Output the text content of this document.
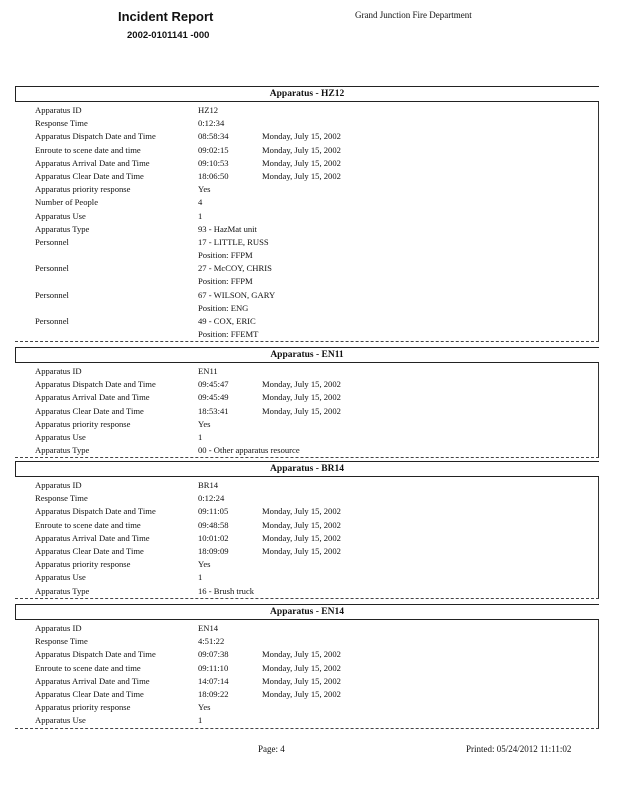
Incident Report
2002-0101141 -000
Grand Junction Fire Department
Apparatus - HZ12
Apparatus ID	HZ12
Response Time	0:12:34
Apparatus Dispatch Date and Time	08:58:34	Monday, July 15, 2002
Enroute to scene date and time	09:02:15	Monday, July 15, 2002
Apparatus Arrival Date and Time	09:10:53	Monday, July 15, 2002
Apparatus Clear Date and Time	18:06:50	Monday, July 15, 2002
Apparatus priority response	Yes
Number of People	4
Apparatus Use	1
Apparatus Type	93 - HazMat unit
Personnel	17 - LITTLE, RUSS
Position: FFPM
Personnel	27 - McCOY, CHRIS
Position: FFPM
Personnel	67 - WILSON, GARY
Position: ENG
Personnel	49 - COX, ERIC
Position: FFEMT
Apparatus - EN11
Apparatus ID	EN11
Apparatus Dispatch Date and Time	09:45:47	Monday, July 15, 2002
Apparatus Arrival Date and Time	09:45:49	Monday, July 15, 2002
Apparatus Clear Date and Time	18:53:41	Monday, July 15, 2002
Apparatus priority response	Yes
Apparatus Use	1
Apparatus Type	00 - Other apparatus resource
Apparatus - BR14
Apparatus ID	BR14
Response Time	0:12:24
Apparatus Dispatch Date and Time	09:11:05	Monday, July 15, 2002
Enroute to scene date and time	09:48:58	Monday, July 15, 2002
Apparatus Arrival Date and Time	10:01:02	Monday, July 15, 2002
Apparatus Clear Date and Time	18:09:09	Monday, July 15, 2002
Apparatus priority response	Yes
Apparatus Use	1
Apparatus Type	16 - Brush truck
Apparatus - EN14
Apparatus ID	EN14
Response Time	4:51:22
Apparatus Dispatch Date and Time	09:07:38	Monday, July 15, 2002
Enroute to scene date and time	09:11:10	Monday, July 15, 2002
Apparatus Arrival Date and Time	14:07:14	Monday, July 15, 2002
Apparatus Clear Date and Time	18:09:22	Monday, July 15, 2002
Apparatus priority response	Yes
Apparatus Use	1
Page: 4	Printed: 05/24/2012 11:11:02
